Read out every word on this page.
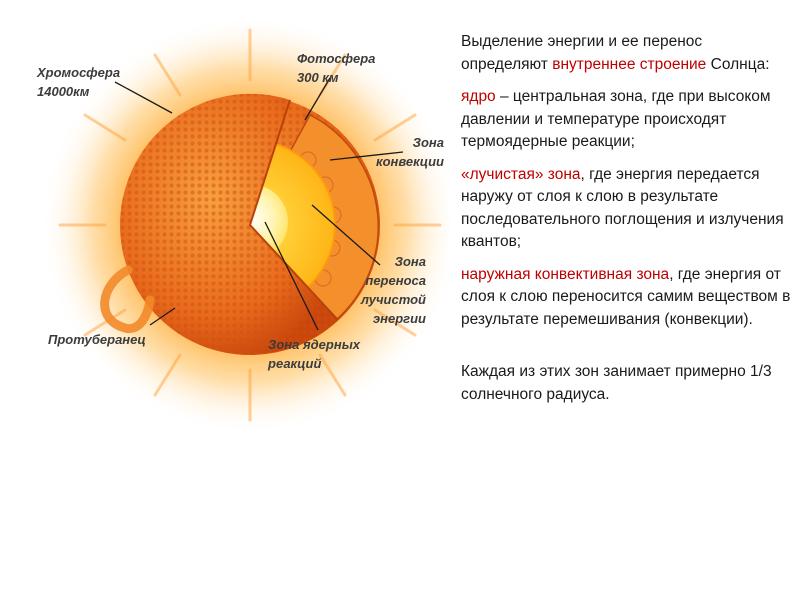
Хромосфера
14000км
Фотосфера
300 км
Зона
конвекции
Зона
переноса
лучистой
энергии
Зона ядерных
реакций
Протуберанец

Выделение энергии и ее перенос определяют внутреннее строение Солнца:

ядро – центральная зона, где при высоком давлении и температуре происходят термоядерные реакции;

«лучистая» зона, где энергия передается наружу от слоя к слою в результате последовательного поглощения и излучения квантов;

наружная конвективная зона, где энергия от слоя к слою переносится самим веществом в результате перемешивания (конвекции).

Каждая из этих зон занимает примерно 1/3 солнечного радиуса.
